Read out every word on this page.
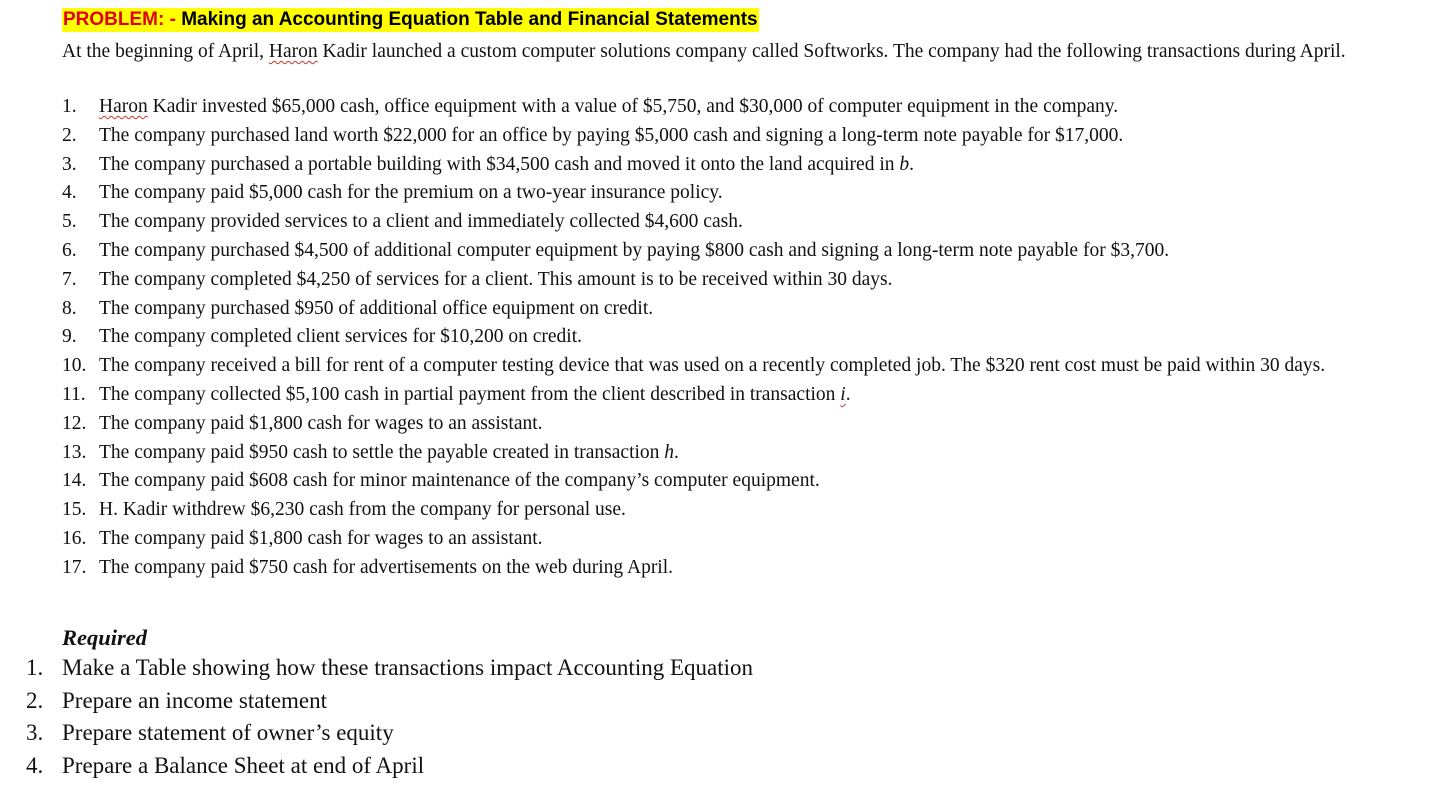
PROBLEM: - Making an Accounting Equation Table and Financial Statements
At the beginning of April, Haron Kadir launched a custom computer solutions company called Softworks. The company had the following transactions during April.
1.	Haron Kadir invested $65,000 cash, office equipment with a value of $5,750, and $30,000 of computer equipment in the company.
2.	The company purchased land worth $22,000 for an office by paying $5,000 cash and signing a long-term note payable for $17,000.
3.	The company purchased a portable building with $34,500 cash and moved it onto the land acquired in b.
4.	The company paid $5,000 cash for the premium on a two-year insurance policy.
5.	The company provided services to a client and immediately collected $4,600 cash.
6.	The company purchased $4,500 of additional computer equipment by paying $800 cash and signing a long-term note payable for $3,700.
7.	The company completed $4,250 of services for a client. This amount is to be received within 30 days.
8.	The company purchased $950 of additional office equipment on credit.
9.	The company completed client services for $10,200 on credit.
10. The company received a bill for rent of a computer testing device that was used on a recently completed job. The $320 rent cost must be paid within 30 days.
11. The company collected $5,100 cash in partial payment from the client described in transaction i.
12. The company paid $1,800 cash for wages to an assistant.
13. The company paid $950 cash to settle the payable created in transaction h.
14. The company paid $608 cash for minor maintenance of the company’s computer equipment.
15. H. Kadir withdrew $6,230 cash from the company for personal use.
16. The company paid $1,800 cash for wages to an assistant.
17. The company paid $750 cash for advertisements on the web during April.
Required
1. Make a Table showing how these transactions impact Accounting Equation
2. Prepare an income statement
3. Prepare statement of owner’s equity
4. Prepare a Balance Sheet at end of April
